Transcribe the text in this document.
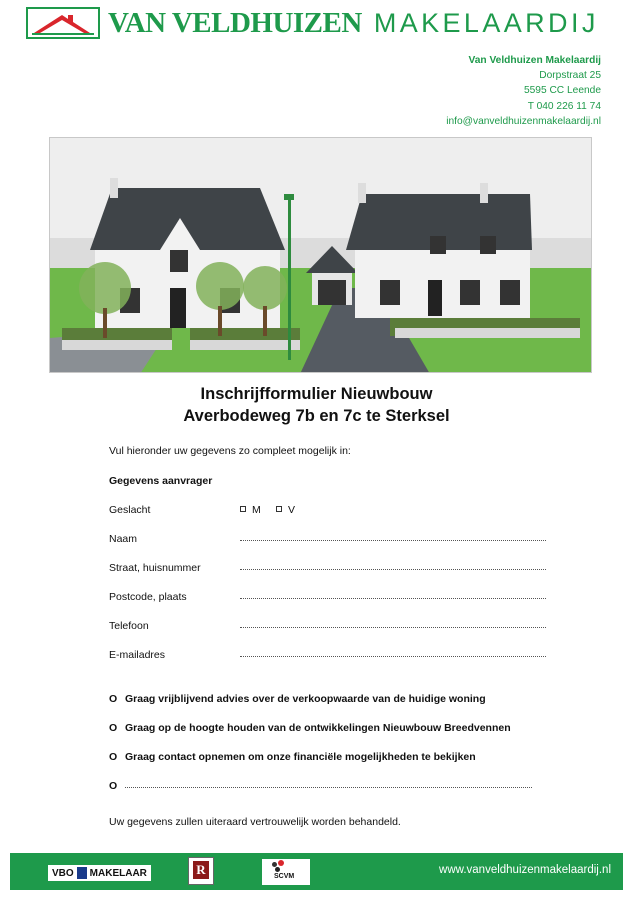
VAN VELDHUIZEN MAKELAARDIJ
Van Veldhuizen Makelaardij
Dorpstraat 25
5595 CC Leende
T 040 226 11 74
info@vanveldhuizenmakelaardij.nl
Inschrijfformulier Nieuwbouw
Averbodeweg 7b en 7c te Sterksel
Vul hieronder uw gegevens zo compleet mogelijk in:
Gegevens aanvrager
Geslacht	M	V
Naam
Straat, huisnummer
Postcode, plaats
Telefoon
E-mailadres
O Graag vrijblijvend advies over de verkoopwaarde van de huidige woning
O Graag op de hoogte houden van de ontwikkelingen Nieuwbouw Breedvennen
O Graag contact opnemen om onze financiële mogelijkheden te bekijken
O
Uw gegevens zullen uiteraard vertrouwelijk worden behandeld.
VBO MAKELAAR	R	SCVM
www.vanveldhuizenmakelaardij.nl
